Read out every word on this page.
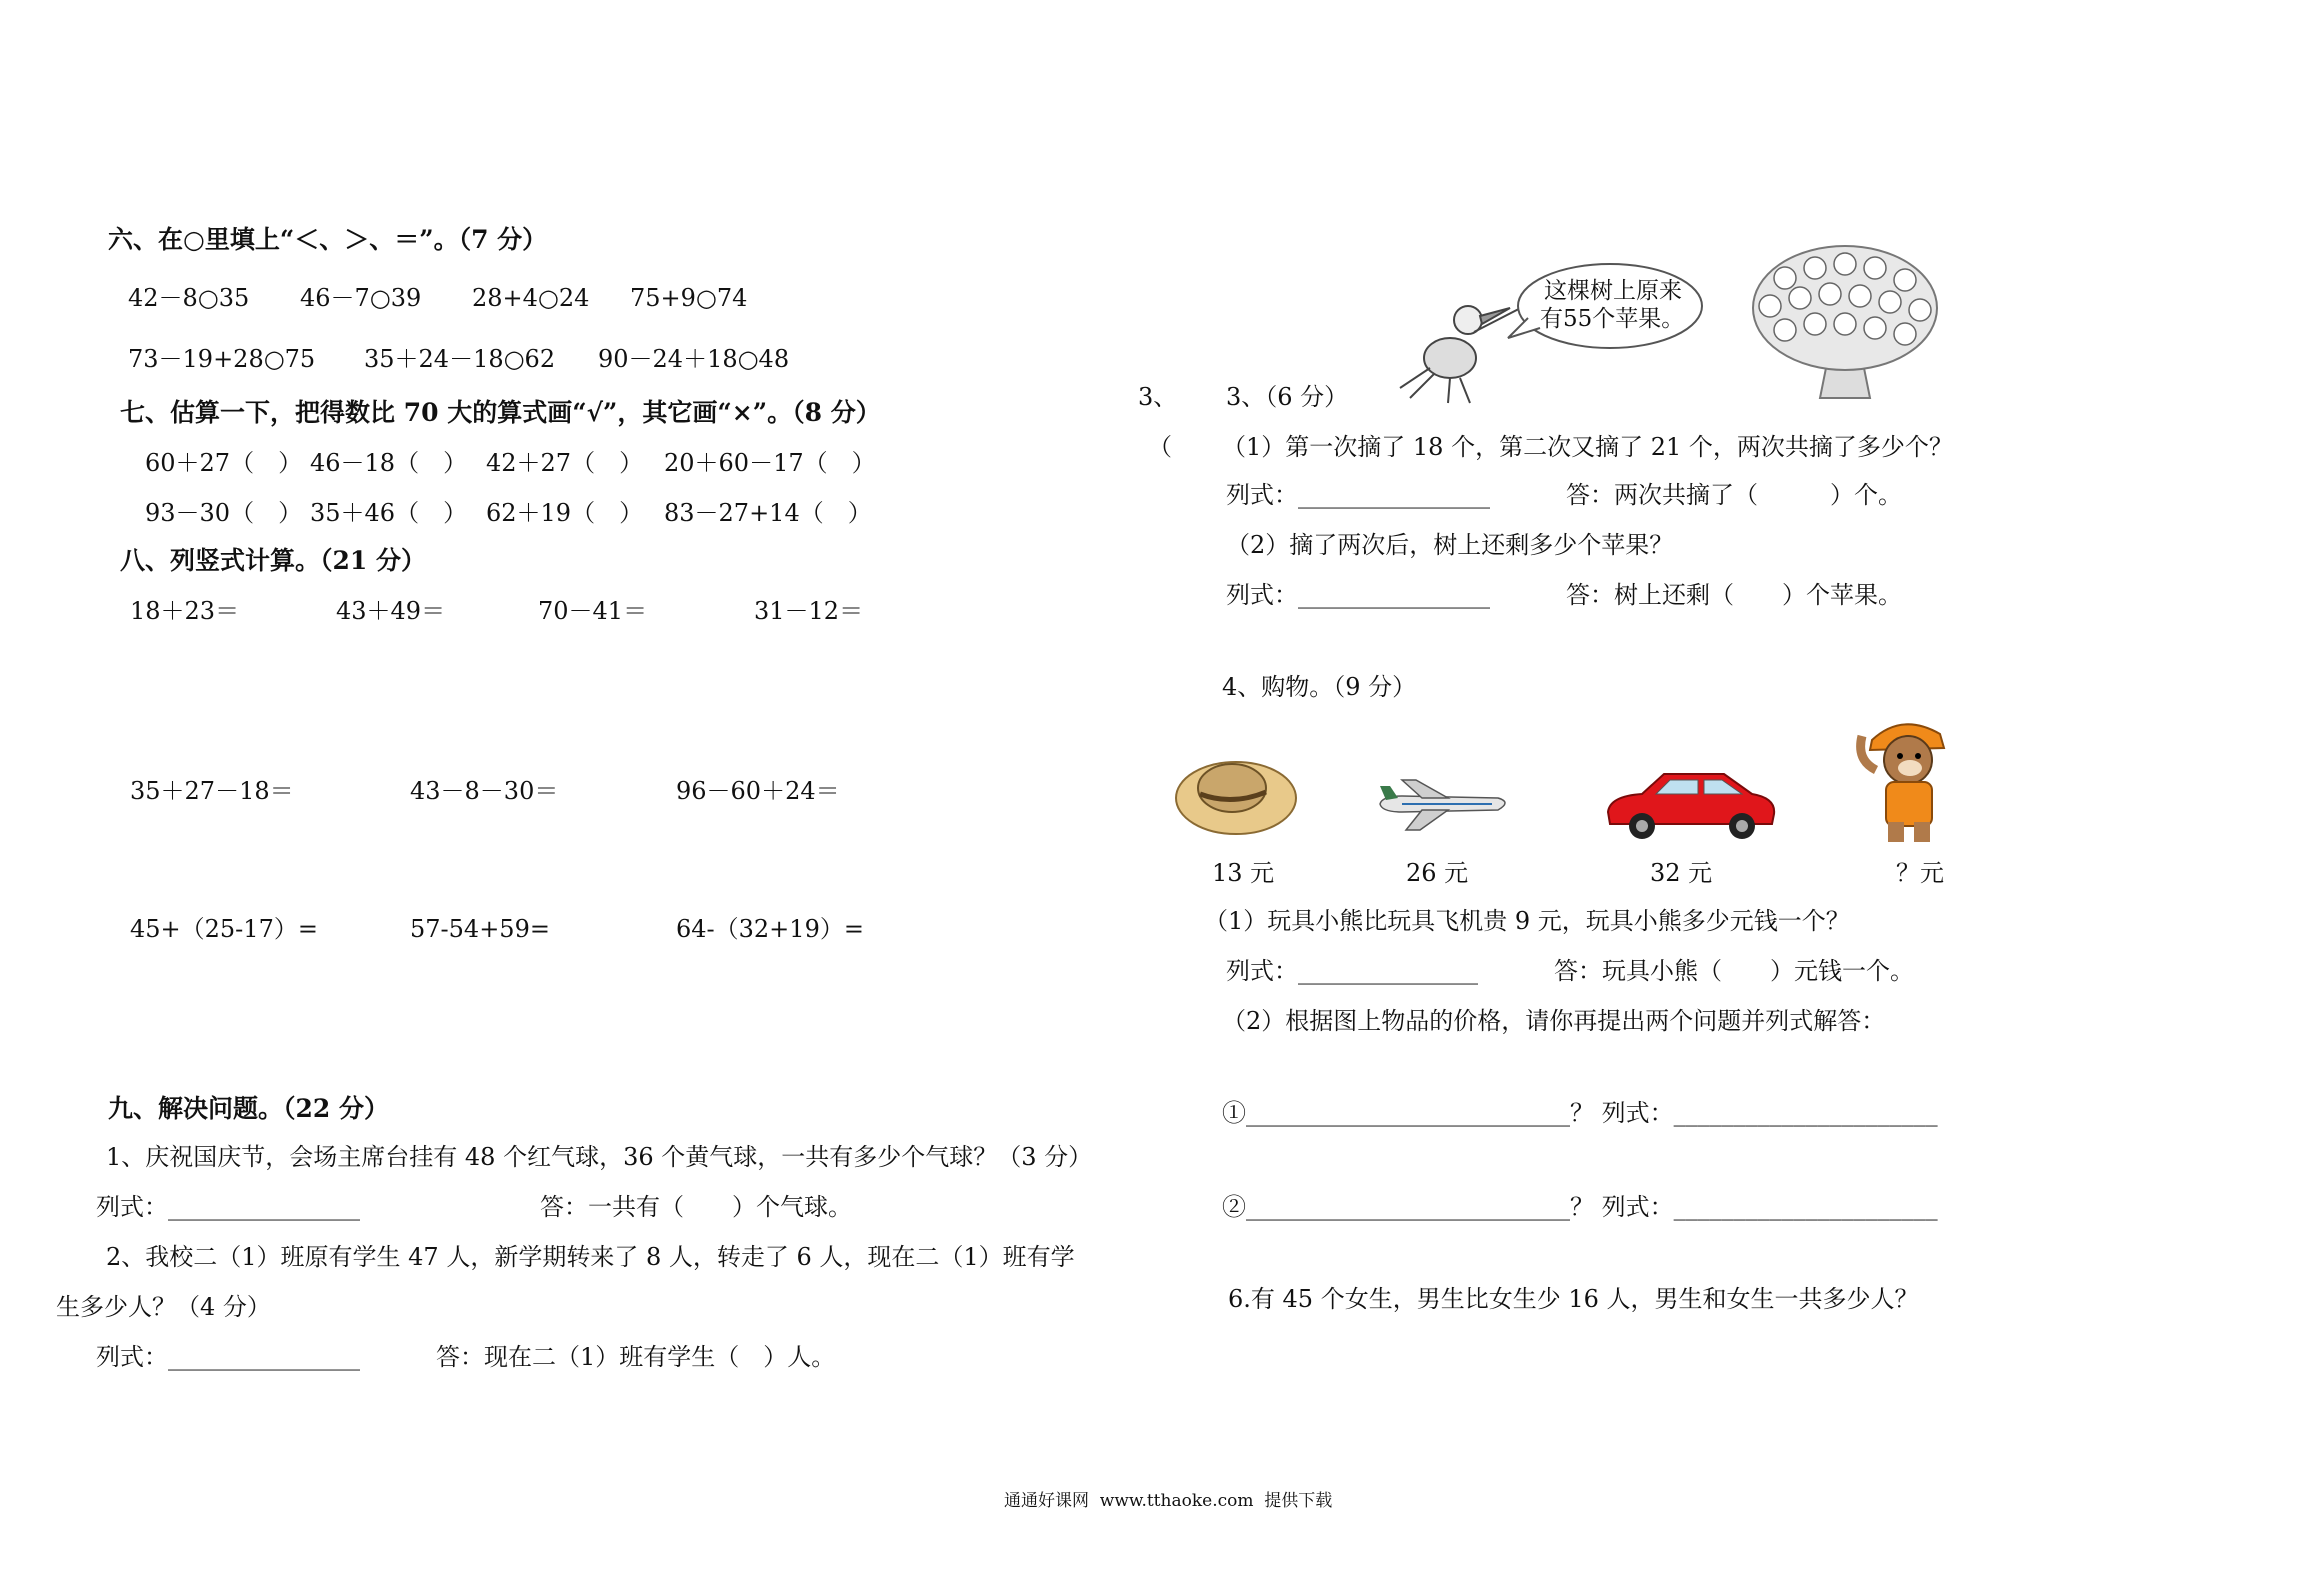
六、在○里填上“＜、＞、＝”。（7 分）
42－8○35 46－7○39 28+4○24 75+9○74
73－19+28○75 35＋24－18○62 90－24＋18○48
七、估算一下，把得数比 70 大的算式画“√”，其它画“×”。（8 分）
60＋27（　） 46－18（　） 42＋27（　） 20＋60－17（　）
93－30（　） 35＋46（　） 62＋19（　） 83－27+14（　）
八、列竖式计算。（21 分）
18＋23＝	43＋49＝	70－41＝	31－12＝
35＋27－18＝	43－8－30＝	96－60＋24＝
45+（25-17）=	57-54+59=	64-（32+19）=
九、解决问题。（22 分）
1、庆祝国庆节，会场主席台挂有 48 个红气球，36 个黄气球，一共有多少个气球？（3 分）
列式：________________	答：一共有（　　）个气球。
2、我校二（1）班原有学生 47 人，新学期转来了 8 人，转走了 6 人，现在二（1）班有学
生多少人？（4 分）
列式：________________	答：现在二（1）班有学生（　）人。
这棵树上原来
有55个苹果。
3、 3、（6 分）
（ （1）第一次摘了 18 个，第二次又摘了 21 个，两次共摘了多少个？
列式：________________	答：两次共摘了（　　　）个。
（2）摘了两次后，树上还剩多少个苹果？
列式：________________	答：树上还剩（　　）个苹果。
4、购物。（9 分）
13 元	26 元	32 元	？元
（1）玩具小熊比玩具飞机贵 9 元，玩具小熊多少元钱一个？
列式：_______________	答：玩具小熊（　　）元钱一个。
（2）根据图上物品的价格，请你再提出两个问题并列式解答：
①___________________________？ 列式：______________________
②___________________________？ 列式：______________________
6.有 45 个女生，男生比女生少 16 人，男生和女生一共多少人？
通通好课网  www.tthaoke.com  提供下载
